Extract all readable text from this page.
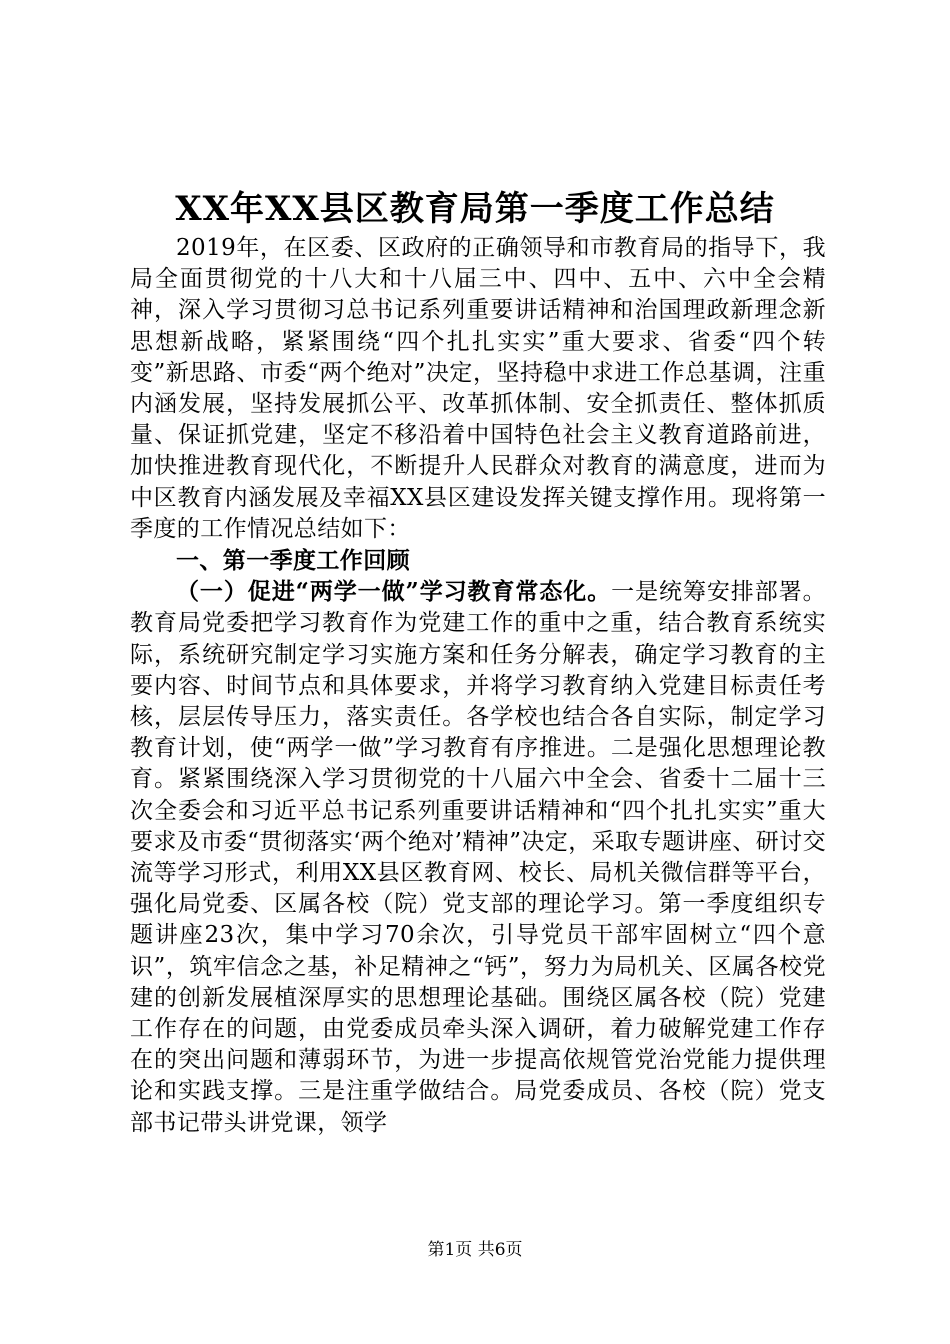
XX年XX县区教育局第一季度工作总结

2019年，在区委、区政府的正确领导和市教育局的指导下，我局全面贯彻党的十八大和十八届三中、四中、五中、六中全会精神，深入学习贯彻习总书记系列重要讲话精神和治国理政新理念新思想新战略，紧紧围绕“四个扎扎实实”重大要求、省委“四个转变”新思路、市委“两个绝对”决定，坚持稳中求进工作总基调，注重内涵发展，坚持发展抓公平、改革抓体制、安全抓责任、整体抓质量、保证抓党建，坚定不移沿着中国特色社会主义教育道路前进，加快推进教育现代化，不断提升人民群众对教育的满意度，进而为中区教育内涵发展及幸福XX县区建设发挥关键支撑作用。现将第一季度的工作情况总结如下：

一、第一季度工作回顾

（一）促进“两学一做”学习教育常态化。一是统筹安排部署。教育局党委把学习教育作为党建工作的重中之重，结合教育系统实际，系统研究制定学习实施方案和任务分解表，确定学习教育的主要内容、时间节点和具体要求，并将学习教育纳入党建目标责任考核，层层传导压力，落实责任。各学校也结合各自实际，制定学习教育计划，使“两学一做”学习教育有序推进。二是强化思想理论教育。紧紧围绕深入学习贯彻党的十八届六中全会、省委十二届十三次全委会和习近平总书记系列重要讲话精神和“四个扎扎实实”重大要求及市委“贯彻落实‘两个绝对’精神”决定，采取专题讲座、研讨交流等学习形式，利用XX县区教育网、校长、局机关微信群等平台，强化局党委、区属各校（院）党支部的理论学习。第一季度组织专题讲座23次，集中学习70余次，引导党员干部牢固树立“四个意识”，筑牢信念之基，补足精神之“钙”，努力为局机关、区属各校党建的创新发展植深厚实的思想理论基础。围绕区属各校（院）党建工作存在的问题，由党委成员牵头深入调研，着力破解党建工作存在的突出问题和薄弱环节，为进一步提高依规管党治党能力提供理论和实践支撑。三是注重学做结合。局党委成员、各校（院）党支部书记带头讲党课，领学

第1页 共6页
